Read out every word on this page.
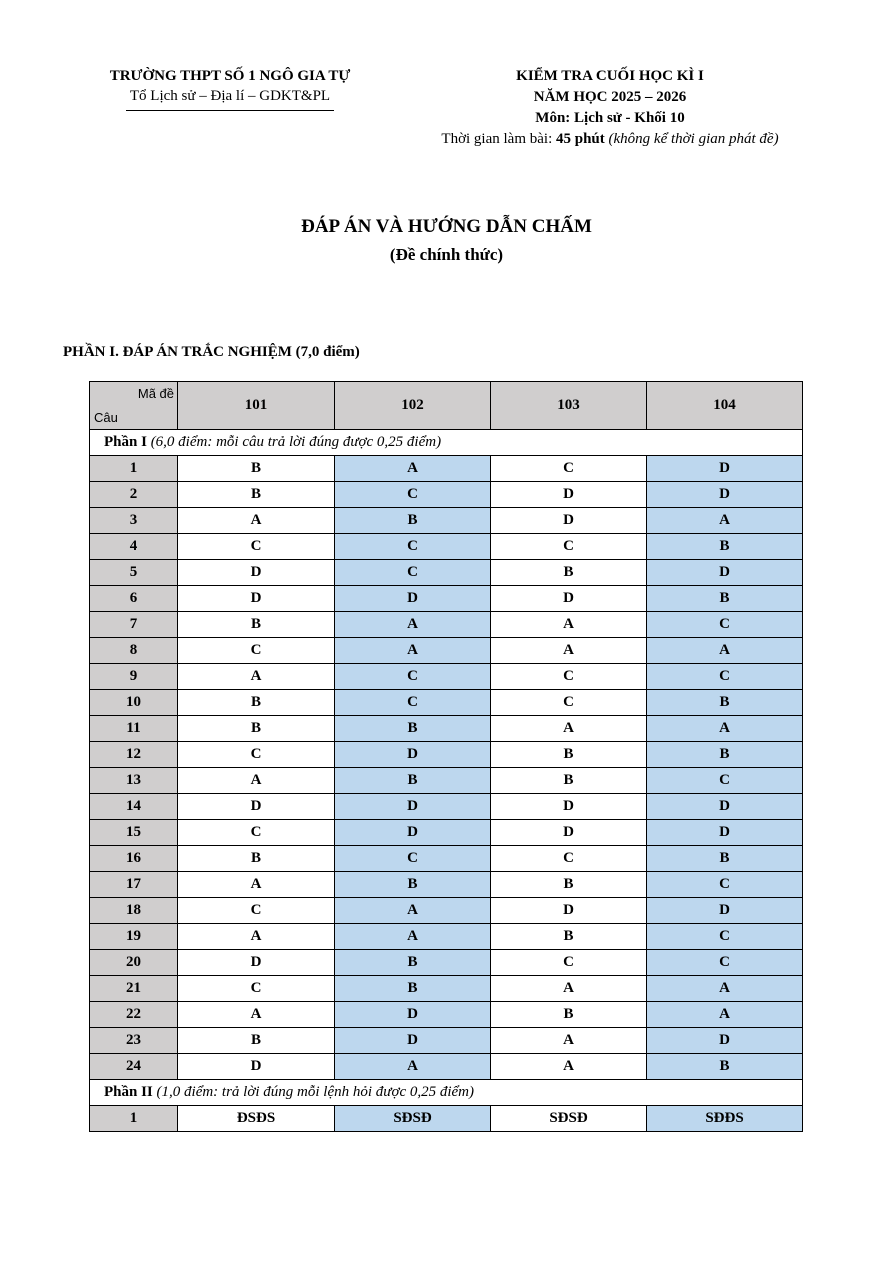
TRƯỜNG THPT SỐ 1 NGÔ GIA TỰ
Tổ Lịch sử – Địa lí – GDKT&PL
KIỂM TRA CUỐI HỌC KÌ I
NĂM HỌC 2025 – 2026
Môn: Lịch sử - Khối 10
Thời gian làm bài: 45 phút (không kể thời gian phát đề)
ĐÁP ÁN VÀ HƯỚNG DẪN CHẤM
(Đề chính thức)
PHẦN I. ĐÁP ÁN TRẮC NGHIỆM (7,0 điểm)
Mã đề
Câu	101	102	103	104
Phần I (6,0 điểm: mỗi câu trả lời đúng được 0,25 điểm)				
1	B	A	C	D
2	B	C	D	D
3	A	B	D	A
4	C	C	C	B
5	D	C	B	D
6	D	D	D	B
7	B	A	A	C
8	C	A	A	A
9	A	C	C	C
10	B	C	C	B
11	B	B	A	A
12	C	D	B	B
13	A	B	B	C
14	D	D	D	D
15	C	D	D	D
16	B	C	C	B
17	A	B	B	C
18	C	A	D	D
19	A	A	B	C
20	D	B	C	C
21	C	B	A	A
22	A	D	B	A
23	B	D	A	D
24	D	A	A	B
Phần II (1,0 điểm: trả lời đúng mỗi lệnh hỏi được 0,25 điểm)				
1	ĐSĐS	SĐSĐ	SĐSĐ	SĐĐS
